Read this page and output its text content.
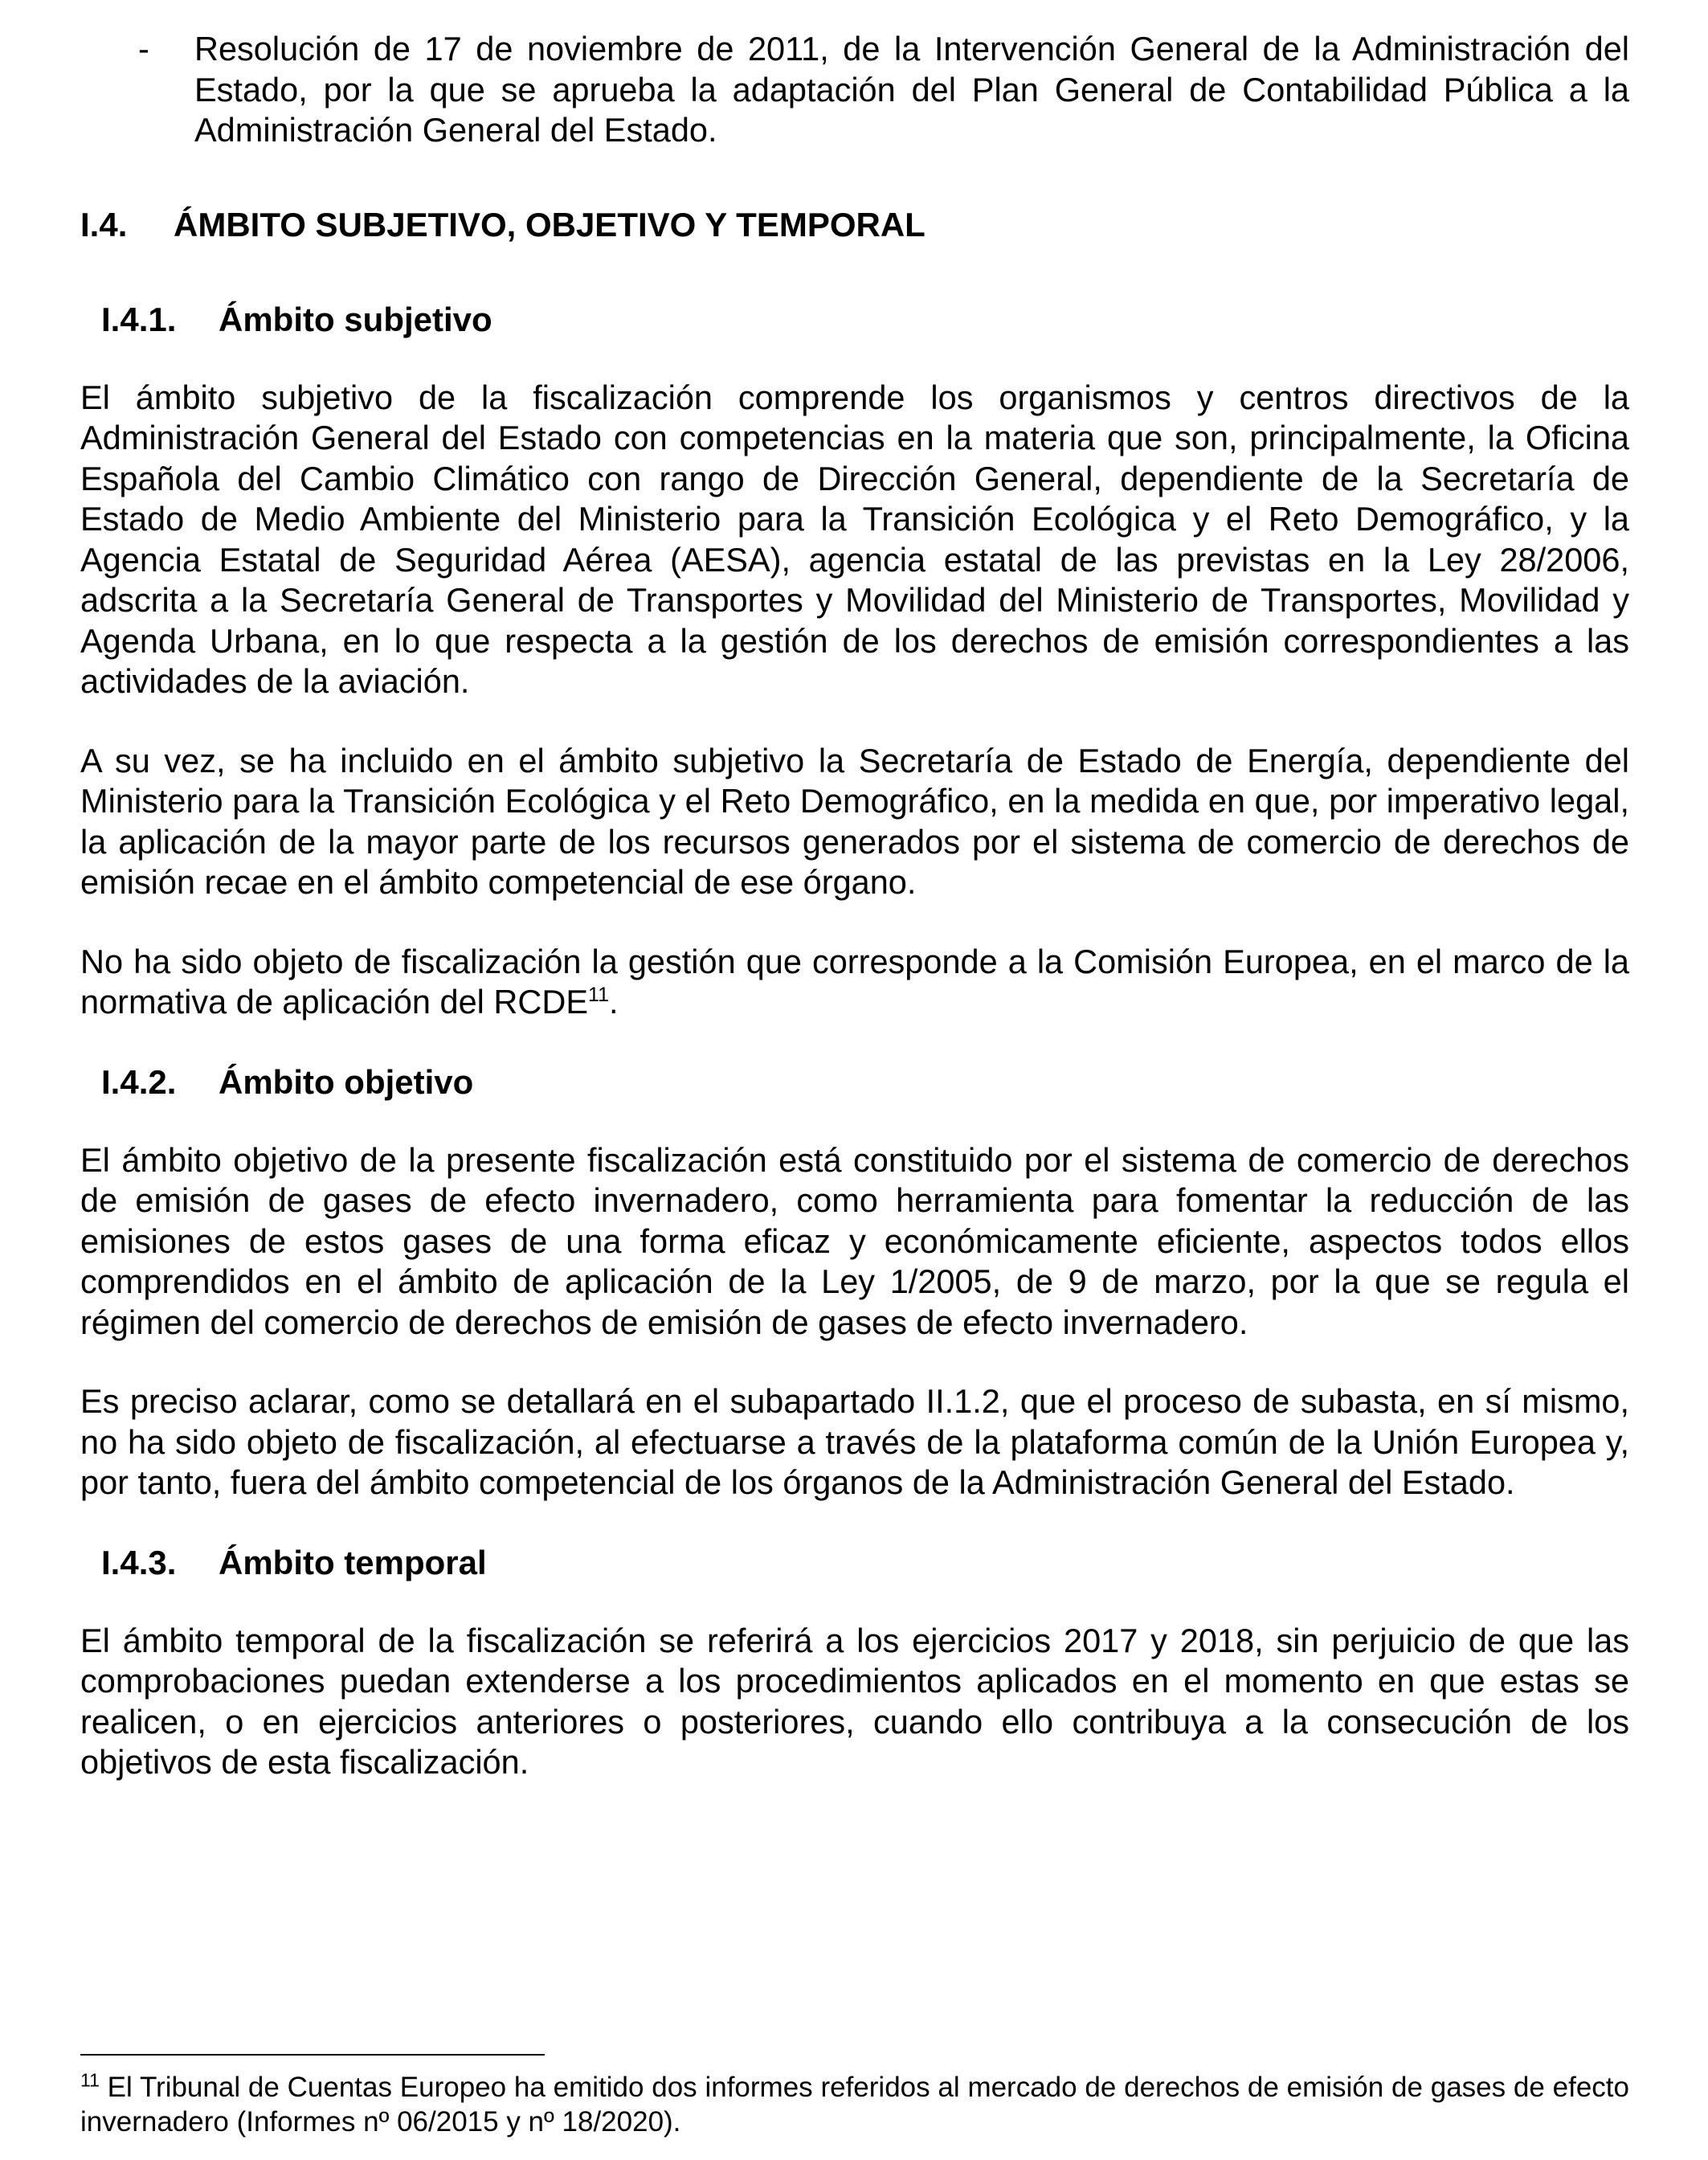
- Resolución de 17 de noviembre de 2011, de la Intervención General de la Administración del Estado, por la que se aprueba la adaptación del Plan General de Contabilidad Pública a la Administración General del Estado.

I.4. ÁMBITO SUBJETIVO, OBJETIVO Y TEMPORAL
I.4.1. Ámbito subjetivo

El ámbito subjetivo de la fiscalización comprende los organismos y centros directivos de la Administración General del Estado con competencias en la materia que son, principalmente, la Oficina Española del Cambio Climático con rango de Dirección General, dependiente de la Secretaría de Estado de Medio Ambiente del Ministerio para la Transición Ecológica y el Reto Demográfico, y la Agencia Estatal de Seguridad Aérea (AESA), agencia estatal de las previstas en la Ley 28/2006, adscrita a la Secretaría General de Transportes y Movilidad del Ministerio de Transportes, Movilidad y Agenda Urbana, en lo que respecta a la gestión de los derechos de emisión correspondientes a las actividades de la aviación.

A su vez, se ha incluido en el ámbito subjetivo la Secretaría de Estado de Energía, dependiente del Ministerio para la Transición Ecológica y el Reto Demográfico, en la medida en que, por imperativo legal, la aplicación de la mayor parte de los recursos generados por el sistema de comercio de derechos de emisión recae en el ámbito competencial de ese órgano.

No ha sido objeto de fiscalización la gestión que corresponde a la Comisión Europea, en el marco de la normativa de aplicación del RCDE$^{11}$.

I.4.2. Ámbito objetivo

El ámbito objetivo de la presente fiscalización está constituido por el sistema de comercio de derechos de emisión de gases de efecto invernadero, como herramienta para fomentar la reducción de las emisiones de estos gases de una forma eficaz y económicamente eficiente, aspectos todos ellos comprendidos en el ámbito de aplicación de la Ley 1/2005, de 9 de marzo, por la que se regula el régimen del comercio de derechos de emisión de gases de efecto invernadero.

Es preciso aclarar, como se detallará en el subapartado II.1.2, que el proceso de subasta, en sí mismo, no ha sido objeto de fiscalización, al efectuarse a través de la plataforma común de la Unión Europea y, por tanto, fuera del ámbito competencial de los órganos de la Administración General del Estado.

I.4.3. Ámbito temporal

El ámbito temporal de la fiscalización se referirá a los ejercicios 2017 y 2018, sin perjuicio de que las comprobaciones puedan extenderse a los procedimientos aplicados en el momento en que estas se realicen, o en ejercicios anteriores o posteriores, cuando ello contribuya a la consecución de los objetivos de esta fiscalización.

$^{11}$ El Tribunal de Cuentas Europeo ha emitido dos informes referidos al mercado de derechos de emisión de gases de efecto invernadero (Informes nº 06/2015 y nº 18/2020).
